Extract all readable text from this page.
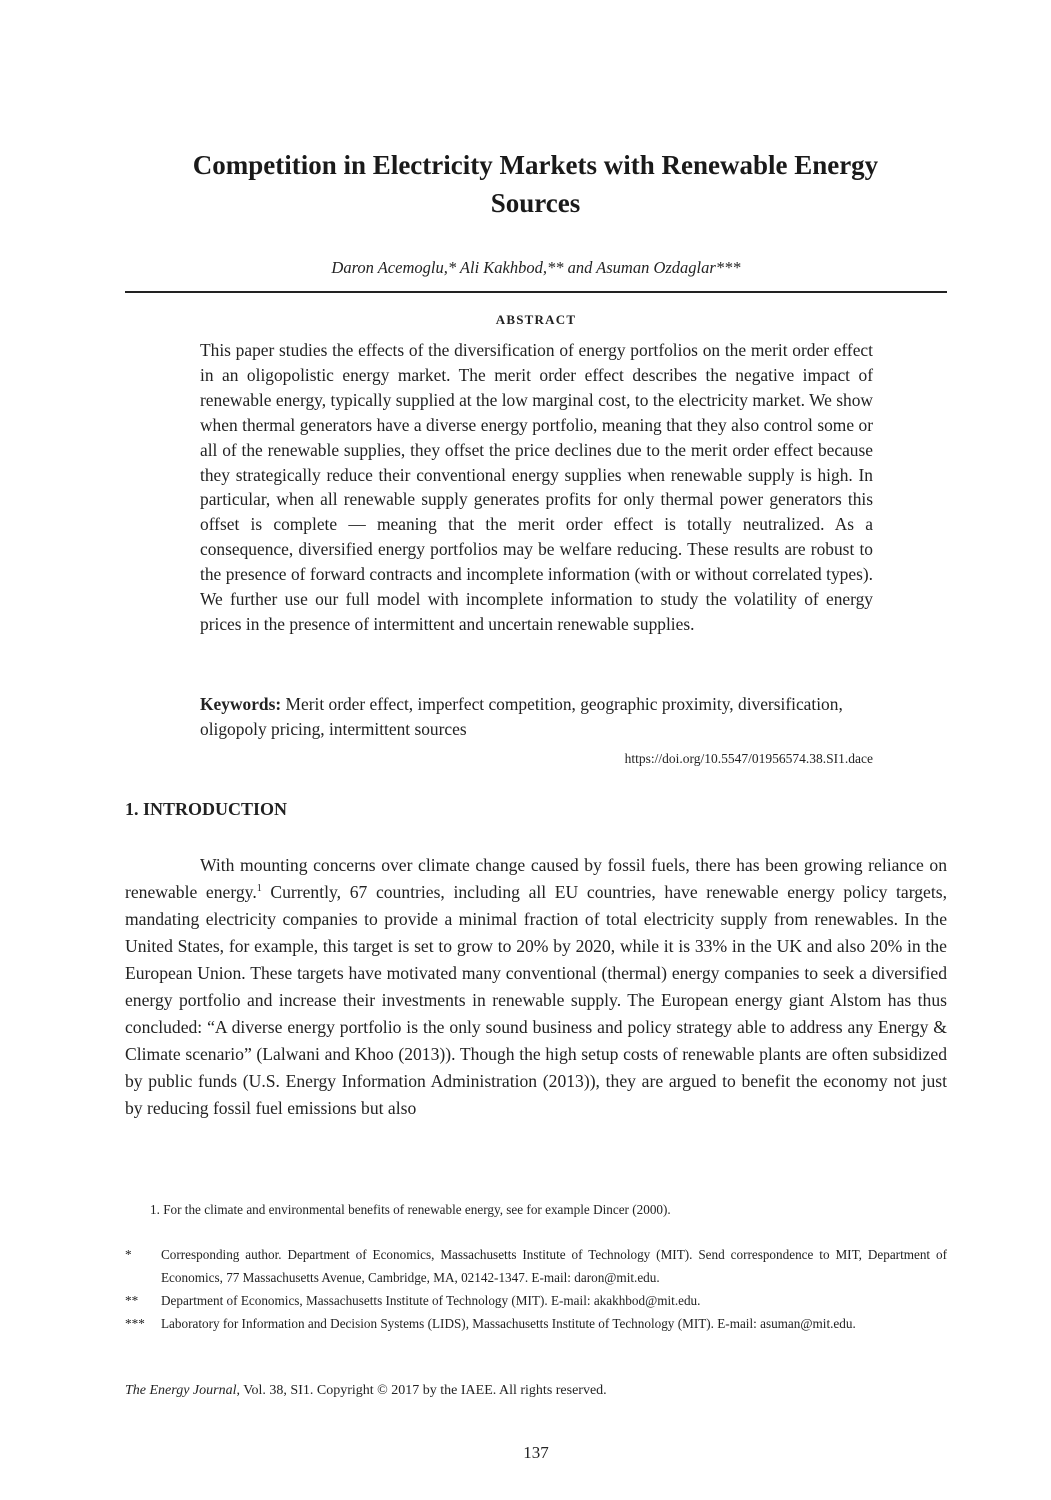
Competition in Electricity Markets with Renewable Energy Sources
Daron Acemoglu,* Ali Kakhbod,** and Asuman Ozdaglar***
ABSTRACT

This paper studies the effects of the diversification of energy portfolios on the merit order effect in an oligopolistic energy market. The merit order effect describes the negative impact of renewable energy, typically supplied at the low marginal cost, to the electricity market. We show when thermal generators have a diverse energy portfolio, meaning that they also control some or all of the renewable supplies, they offset the price declines due to the merit order effect because they strategically reduce their conventional energy supplies when renewable supply is high. In particular, when all renewable supply generates profits for only thermal power generators this offset is complete — meaning that the merit order effect is totally neutralized. As a consequence, diversified energy portfolios may be welfare reducing. These results are robust to the presence of forward contracts and incomplete information (with or without correlated types). We further use our full model with incomplete information to study the volatility of energy prices in the presence of intermittent and uncertain renewable supplies.

Keywords: Merit order effect, imperfect competition, geographic proximity, diversification, oligopoly pricing, intermittent sources

https://doi.org/10.5547/01956574.38.SI1.dace
1. INTRODUCTION

With mounting concerns over climate change caused by fossil fuels, there has been growing reliance on renewable energy.$^1$ Currently, 67 countries, including all EU countries, have renewable energy policy targets, mandating electricity companies to provide a minimal fraction of total electricity supply from renewables. In the United States, for example, this target is set to grow to 20% by 2020, while it is 33% in the UK and also 20% in the European Union. These targets have motivated many conventional (thermal) energy companies to seek a diversified energy portfolio and increase their investments in renewable supply. The European energy giant Alstom has thus concluded: “A diverse energy portfolio is the only sound business and policy strategy able to address any Energy & Climate scenario” (Lalwani and Khoo (2013)). Though the high setup costs of renewable plants are often subsidized by public funds (U.S. Energy Information Administration (2013)), they are argued to benefit the economy not just by reducing fossil fuel emissions but also

1. For the climate and environmental benefits of renewable energy, see for example Dincer (2000).
*	Corresponding author. Department of Economics, Massachusetts Institute of Technology (MIT). Send correspondence to MIT, Department of Economics, 77 Massachusetts Avenue, Cambridge, MA, 02142-1347. E-mail: daron@mit.edu.
**	Department of Economics, Massachusetts Institute of Technology (MIT). E-mail: akakhbod@mit.edu.
***	Laboratory for Information and Decision Systems (LIDS), Massachusetts Institute of Technology (MIT). E-mail: asuman@mit.edu.
The Energy Journal, Vol. 38, SI1. Copyright © 2017 by the IAEE. All rights reserved.
137
